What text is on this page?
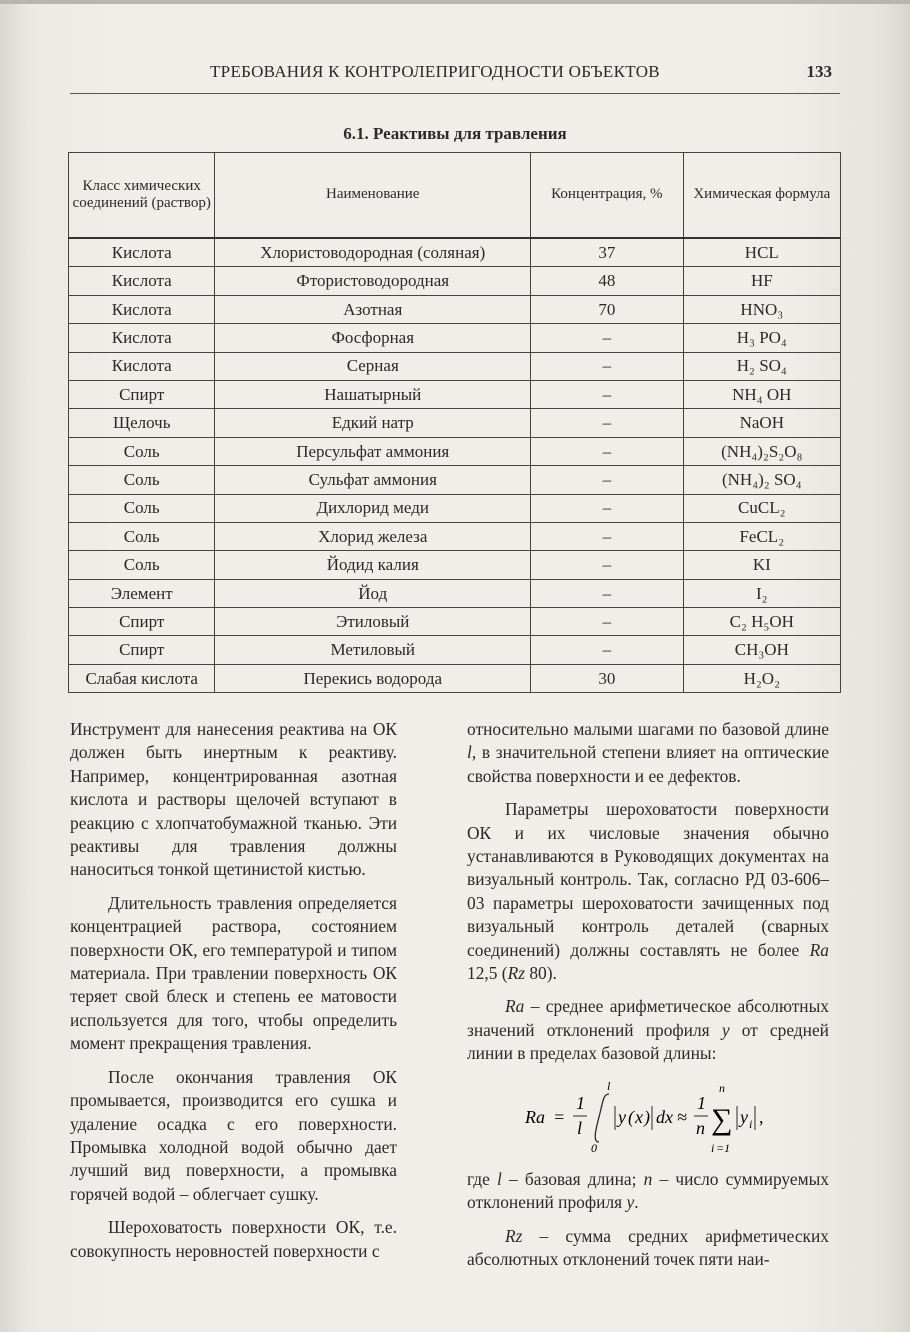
ТРЕБОВАНИЯ К КОНТРОЛЕПРИГОДНОСТИ ОБЪЕКТОВ	133
6.1. Реактивы для травления
Класс химических соединений (раствор)	Наименование	Концентрация, %	Химическая формула
Кислота	Хлористоводородная (соляная)	37	HCL
Кислота	Фтористоводородная	48	HF
Кислота	Азотная	70	HNO₃
Кислота	Фосфорная	–	H₃ PO₄
Кислота	Серная	–	H₂ SO₄
Спирт	Нашатырный	–	NH₄ OH
Щелочь	Едкий натр	–	NaOH
Соль	Персульфат аммония	–	(NH₄)₂S₂O₈
Соль	Сульфат аммония	–	(NH₄)₂ SO₄
Соль	Дихлорид меди	–	CuCL₂
Соль	Хлорид железа	–	FeCL₂
Соль	Йодид калия	–	KI
Элемент	Йод	–	I₂
Спирт	Этиловый	–	C₂ H₅OH
Спирт	Метиловый	–	CH₃OH
Слабая кислота	Перекись водорода	30	H₂O₂

Инструмент для нанесения реактива на ОК должен быть инертным к реактиву. Например, концентрированная азотная кислота и растворы щелочей вступают в реакцию с хлопчатобумажной тканью. Эти реактивы для травления должны наноситься тонкой щетинистой кистью.

Длительность травления определяется концентрацией раствора, состоянием поверхности ОК, его температурой и типом материала. При травлении поверхность ОК теряет свой блеск и степень ее матовости используется для того, чтобы определить момент прекращения травления.

После окончания травления ОК промывается, производится его сушка и удаление осадка с его поверхности. Промывка холодной водой обычно дает лучший вид поверхности, а промывка горячей водой – облегчает сушку.

Шероховатость поверхности ОК, т.е. совокупность неровностей поверхности с

относительно малыми шагами по базовой длине l, в значительной степени влияет на оптические свойства поверхности и ее дефектов.

Параметры шероховатости поверхности ОК и их числовые значения обычно устанавливаются в Руководящих документах на визуальный контроль. Так, согласно РД 03-606–03 параметры шероховатости зачищенных под визуальный контроль деталей (сварных соединений) должны составлять не более Ra 12,5 (Rz 80).

Ra – среднее арифметическое абсолютных значений отклонений профиля y от средней линии в пределах базовой длины:

Ra =
1
l
l
0
y ( x ) dx ≈
1
n ∑
n
i =1
y i ,

где l – базовая длина; n – число суммируемых отклонений профиля y.

Rz – сумма средних арифметических абсолютных отклонений точек пяти наи-
